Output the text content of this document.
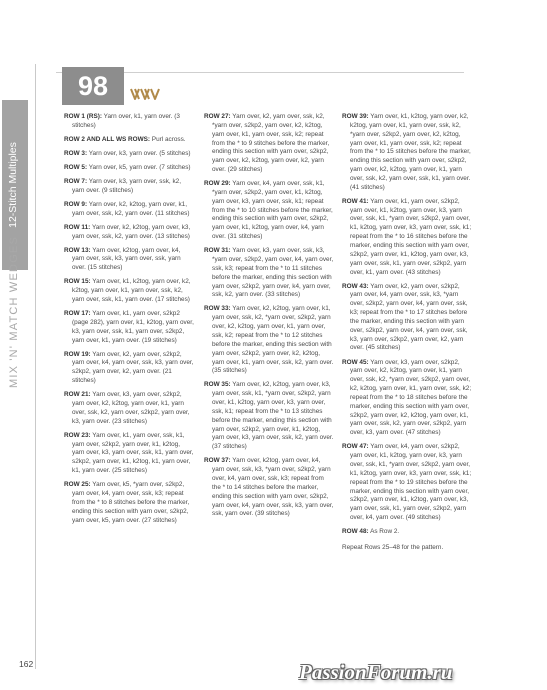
12-Stitch Multiples
MIX 'N' MATCH WEDGES
162
98
ROW 1 (RS): Yarn over, k1, yarn over. (3 stitches)
ROW 2 AND ALL WS ROWS: Purl across.
ROW 3: Yarn over, k3, yarn over. (5 stitches)
ROW 5: Yarn over, k5, yarn over. (7 stitches)
ROW 7: Yarn over, k3, yarn over, ssk, k2, yarn over. (9 stitches)
ROW 9: Yarn over, k2, k2tog, yarn over, k1, yarn over, ssk, k2, yarn over. (11 stitches)
ROW 11: Yarn over, k2, k2tog, yarn over, k3, yarn over, ssk, k2, yarn over. (13 stitches)
ROW 13: Yarn over, k2tog, yarn over, k4, yarn over, ssk, k3, yarn over, ssk, yarn over. (15 stitches)
ROW 15: Yarn over, k1, k2tog, yarn over, k2, k2tog, yarn over, k1, yarn over, ssk, k2, yarn over, ssk, k1, yarn over. (17 stitches)
ROW 17: Yarn over, k1, yarn over, s2kp2 (page 282), yarn over, k1, k2tog, yarn over, k3, yarn over, ssk, k1, yarn over, s2kp2, yarn over, k1, yarn over. (19 stitches)
ROW 19: Yarn over, k2, yarn over, s2kp2, yarn over, k4, yarn over, ssk, k3, yarn over, s2kp2, yarn over, k2, yarn over. (21 stitches)
ROW 21: Yarn over, k3, yarn over, s2kp2, yarn over, k2, k2tog, yarn over, k1, yarn over, ssk, k2, yarn over, s2kp2, yarn over, k3, yarn over. (23 stitches)
ROW 23: Yarn over, k1, yarn over, ssk, k1, yarn over, s2kp2, yarn over, k1, k2tog, yarn over, k3, yarn over, ssk, k1, yarn over, s2kp2, yarn over, k1, k2tog, k1, yarn over, k1, yarn over. (25 stitches)
ROW 25: Yarn over, k5, *yarn over, s2kp2, yarn over, k4, yarn over, ssk, k3; repeat from the * to 8 stitches before the marker, ending this section with yarn over, s2kp2, yarn over, k5, yarn over. (27 stitches)
ROW 27: Yarn over, k2, yarn over, ssk, k2, *yarn over, s2kp2, yarn over, k2, k2tog, yarn over, k1, yarn over, ssk, k2; repeat from the * to 9 stitches before the marker, ending this section with yarn over, s2kp2, yarn over, k2, k2tog, yarn over, k2, yarn over. (29 stitches)
ROW 29: Yarn over, k4, yarn over, ssk, k1, *yarn over, s2kp2, yarn over, k1, k2tog, yarn over, k3, yarn over, ssk, k1; repeat from the * to 10 stitches before the marker, ending this section with yarn over, s2kp2, yarn over, k1, k2tog, yarn over, k4, yarn over. (31 stitches)
ROW 31: Yarn over, k3, yarn over, ssk, k3, *yarn over, s2kp2, yarn over, k4, yarn over, ssk, k3; repeat from the * to 11 stitches before the marker, ending this section with yarn over, s2kp2, yarn over, k4, yarn over, ssk, k2, yarn over. (33 stitches)
ROW 33: Yarn over, k2, k2tog, yarn over, k1, yarn over, ssk, k2, *yarn over, s2kp2, yarn over, k2, k2tog, yarn over, k1, yarn over, ssk, k2; repeat from the * to 12 stitches before the marker, ending this section with yarn over, s2kp2, yarn over, k2, k2tog, yarn over, k1, yarn over, ssk, k2, yarn over. (35 stitches)
ROW 35: Yarn over, k2, k2tog, yarn over, k3, yarn over, ssk, k1, *yarn over, s2kp2, yarn over, k1, k2tog, yarn over, k3, yarn over, ssk, k1; repeat from the * to 13 stitches before the marker, ending this section with yarn over, s2kp2, yarn over, k1, k2tog, yarn over, k3, yarn over, ssk, k2, yarn over. (37 stitches)
ROW 37: Yarn over, k2tog, yarn over, k4, yarn over, ssk, k3, *yarn over, s2kp2, yarn over, k4, yarn over, ssk, k3; repeat from the * to 14 stitches before the marker, ending this section with yarn over, s2kp2, yarn over, k4, yarn over, ssk, k3, yarn over, ssk, yarn over. (39 stitches)
ROW 39: Yarn over, k1, k2tog, yarn over, k2, k2tog, yarn over, k1, yarn over, ssk, k2, *yarn over, s2kp2, yarn over, k2, k2tog, yarn over, k1, yarn over, ssk, k2; repeat from the * to 15 stitches before the marker, ending this section with yarn over, s2kp2, yarn over, k2, k2tog, yarn over, k1, yarn over, ssk, k2, yarn over, ssk, k1, yarn over. (41 stitches)
ROW 41: Yarn over, k1, yarn over, s2kp2, yarn over, k1, k2tog, yarn over, k3, yarn over, ssk, k1, *yarn over, s2kp2, yarn over, k1, k2tog, yarn over, k3, yarn over, ssk, k1; repeat from the * to 16 stitches before the marker, ending this section with yarn over, s2kp2, yarn over, k1, k2tog, yarn over, k3, yarn over, ssk, k1, yarn over, s2kp2, yarn over, k1, yarn over. (43 stitches)
ROW 43: Yarn over, k2, yarn over, s2kp2, yarn over, k4, yarn over, ssk, k3, *yarn over, s2kp2, yarn over, k4, yarn over, ssk, k3; repeat from the * to 17 stitches before the marker, ending this section with yarn over, s2kp2, yarn over, k4, yarn over, ssk, k3, yarn over, s2kp2, yarn over, k2, yarn over. (45 stitches)
ROW 45: Yarn over, k3, yarn over, s2kp2, yarn over, k2, k2tog, yarn over, k1, yarn over, ssk, k2, *yarn over, s2kp2, yarn over, k2, k2tog, yarn over, k1, yarn over, ssk, k2; repeat from the * to 18 stitches before the marker, ending this section with yarn over, s2kp2, yarn over, k2, k2tog, yarn over, k1, yarn over, ssk, k2, yarn over, s2kp2, yarn over, k3, yarn over. (47 stitches)
ROW 47: Yarn over, k4, yarn over, s2kp2, yarn over, k1, k2tog, yarn over, k3, yarn over, ssk, k1, *yarn over, s2kp2, yarn over, k1, k2tog, yarn over, k3, yarn over, ssk, k1; repeat from the * to 19 stitches before the marker, ending this section with yarn over, s2kp2, yarn over, k1, k2tog, yarn over, k3, yarn over, ssk, k1, yarn over, s2kp2, yarn over, k4, yarn over. (49 stitches)
ROW 48: As Row 2.
Repeat Rows 25–48 for the pattern.
PassionForum.ru
